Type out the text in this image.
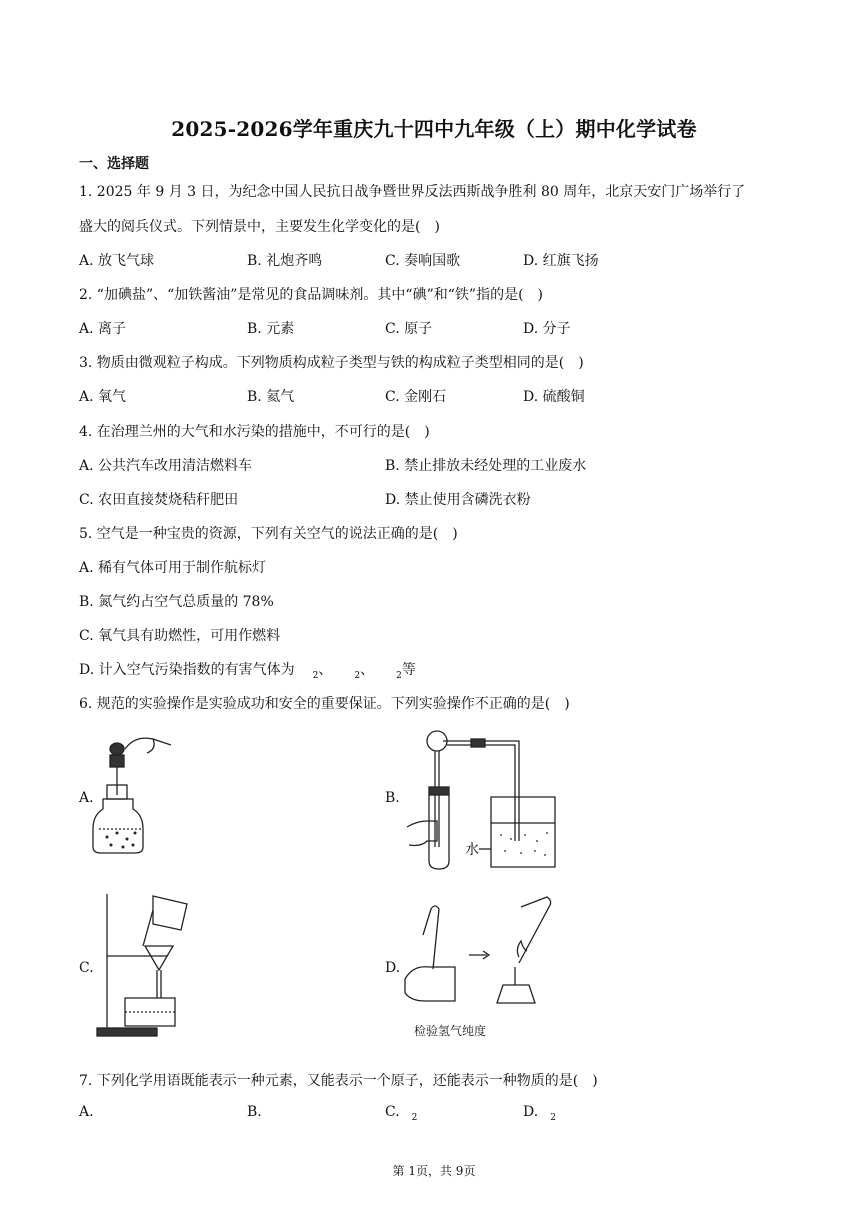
2025-2026学年重庆九十四中九年级（上）期中化学试卷
一、选择题
1. 2025 年 9 月 3 日，为纪念中国人民抗日战争暨世界反法西斯战争胜利 80 周年，北京天安门广场举行了
盛大的阅兵仪式。下列情景中，主要发生化学变化的是(　)
A. 放飞气球	B. 礼炮齐鸣	C. 奏响国歌	D. 红旗飞扬
2. “加碘盐”、“加铁酱油”是常见的食品调味剂。其中“碘”和“铁”指的是(　)
A. 离子	B. 元素	C. 原子	D. 分子
3. 物质由微观粒子构成。下列物质构成粒子类型与铁的构成粒子类型相同的是(　)
A. 氧气	B. 氦气	C. 金刚石	D. 硫酸铜
4. 在治理兰州的大气和水污染的措施中，不可行的是(　)
A. 公共汽车改用清洁燃料车	B. 禁止排放未经处理的工业废水
C. 农田直接焚烧秸秆肥田	D. 禁止使用含磷洗衣粉
5. 空气是一种宝贵的资源，下列有关空气的说法正确的是(　)
A. 稀有气体可用于制作航标灯
B. 氮气约占空气总质量的 78%
C. 氧气具有助燃性，可用作燃料
D. 计入空气污染指数的有害气体为 $_2$、 $_2$、 $_2$等
6. 规范的实验操作是实验成功和安全的重要保证。下列实验操作不正确的是(　)
A.	B.
水
C.	D.
检验氢气纯度
7. 下列化学用语既能表示一种元素，又能表示一个原子，还能表示一种物质的是(　)
A.	B.	C. $_2$	D. $_2$
第 1页，共 9页
